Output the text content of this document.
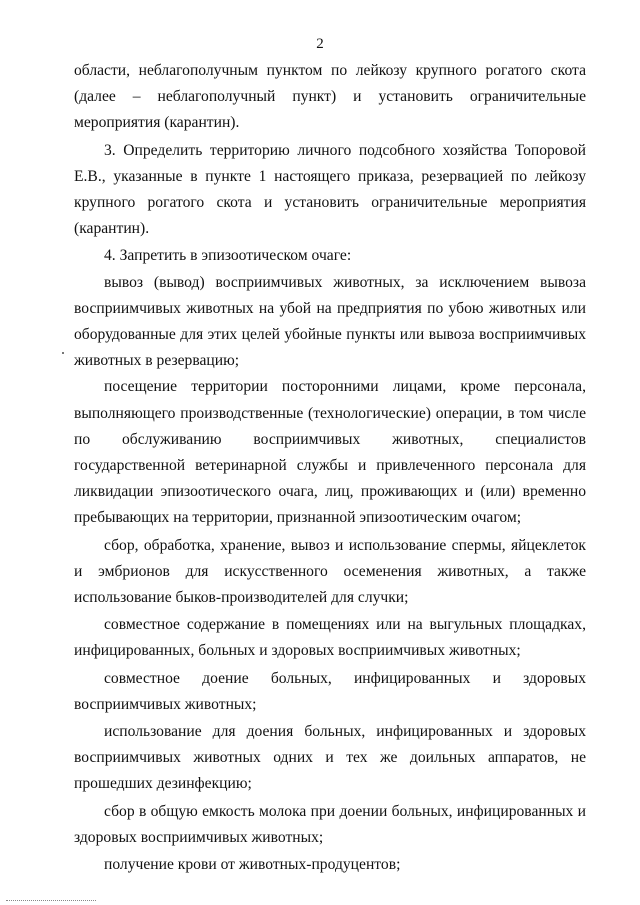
2

области, неблагополучным пунктом по лейкозу крупного рогатого скота (далее – неблагополучный пункт) и установить ограничительные мероприятия (карантин).

3. Определить территорию личного подсобного хозяйства Топоровой Е.В., указанные в пункте 1 настоящего приказа, резервацией по лейкозу крупного рогатого скота и установить ограничительные мероприятия (карантин).

4. Запретить в эпизоотическом очаге:

вывоз (вывод) восприимчивых животных, за исключением вывоза восприимчивых животных на убой на предприятия по убою животных или оборудованные для этих целей убойные пункты или вывоза восприимчивых животных в резервацию;

посещение территории посторонними лицами, кроме персонала, выполняющего производственные (технологические) операции, в том числе по обслуживанию восприимчивых животных, специалистов государственной ветеринарной службы и привлеченного персонала для ликвидации эпизоотического очага, лиц, проживающих и (или) временно пребывающих на территории, признанной эпизоотическим очагом;

сбор, обработка, хранение, вывоз и использование спермы, яйцеклеток и эмбрионов для искусственного осеменения животных, а также использование быков-производителей для случки;

совместное содержание в помещениях или на выгульных площадках, инфицированных, больных и здоровых восприимчивых животных;

совместное доение больных, инфицированных и здоровых восприимчивых животных;

использование для доения больных, инфицированных и здоровых восприимчивых животных одних и тех же доильных аппаратов, не прошедших дезинфекцию;

сбор в общую емкость молока при доении больных, инфицированных и здоровых восприимчивых животных;

получение крови от животных-продуцентов;
